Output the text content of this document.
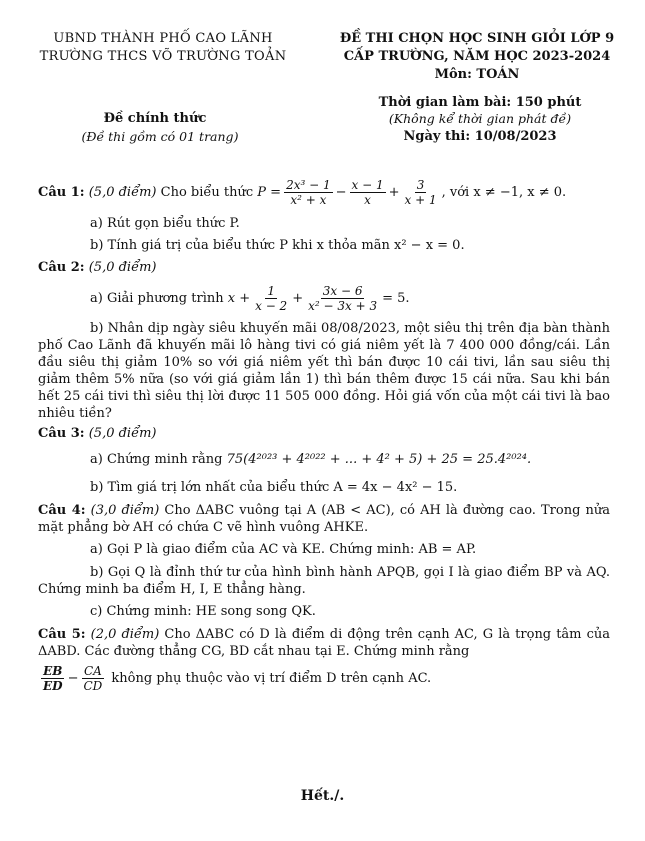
UBND THÀNH PHỐ CAO LÃNH
TRƯỜNG THCS VÕ TRƯỜNG TOẢN
ĐỀ THI CHỌN HỌC SINH GIỎI LỚP 9
CẤP TRƯỜNG, NĂM HỌC 2023-2024
Môn: TOÁN
Thời gian làm bài: 150 phút
Đề chính thức	(Không kể thời gian phát đề)
(Đề thi gồm có 01 trang)	Ngày thi: 10/08/2023
Câu 1:
(5,0 điểm)
Cho biểu thức
$P = \frac{\text{2x³ − 1}}{\text{x² + x}} - \frac{x - 1}{x} + \frac{3}{x + 1}$ , với x ≠ −1, x ≠ 0.
a) Rút gọn biểu thức P.
b) Tính giá trị của biểu thức P khi x thỏa mãn x² − x = 0.
Câu 2:
(5,0 điểm)
a) Giải phương trình
$x + \frac{1}{x - 2} + \frac{3x - 6}{\text{x² − 3x + 3}} = 5$.

b) Nhân dịp ngày siêu khuyến mãi 08/08/2023, một siêu thị trên địa bàn thành phố Cao Lãnh đã khuyến mãi lô hàng tivi có giá niêm yết là 7 400 000 đồng/cái. Lần đầu siêu thị giảm 10% so với giá niêm yết thì bán được 10 cái tivi, lần sau siêu thị giảm thêm 5% nữa (so với giá giảm lần 1) thì bán thêm được 15 cái nữa. Sau khi bán hết 25 cái tivi thì siêu thị lời được 11 505 000 đồng. Hỏi giá vốn của một cái tivi là bao nhiêu tiền?

Câu 3:
(5,0 điểm)
a) Chứng minh rằng
75(4²⁰²³ + 4²⁰²² + ... + 4² + 5) + 25 = 25.4²⁰²⁴.
b) Tìm giá trị lớn nhất của biểu thức A = 4x − 4x² − 15.

Câu 4: (3,0 điểm) Cho ΔABC vuông tại A (AB < AC), có AH là đường cao. Trong nửa mặt phẳng bờ AH có chứa C vẽ hình vuông AHKE.

a) Gọi P là giao điểm của AC và KE. Chứng minh: AB = AP.

b) Gọi Q là đỉnh thứ tư của hình bình hành APQB, gọi I là giao điểm BP và AQ. Chứng minh ba điểm H, I, E thẳng hàng.

c) Chứng minh: HE song song QK.

Câu 5: (2,0 điểm) Cho ΔABC có D là điểm di động trên cạnh AC, G là trọng tâm của ΔABD. Các đường thẳng CG, BD cắt nhau tại E. Chứng minh rằng

$\frac{EB}{ED} - \frac{CA}{CD}$
không phụ thuộc vào vị trí điểm D trên cạnh AC.
Hết./.
